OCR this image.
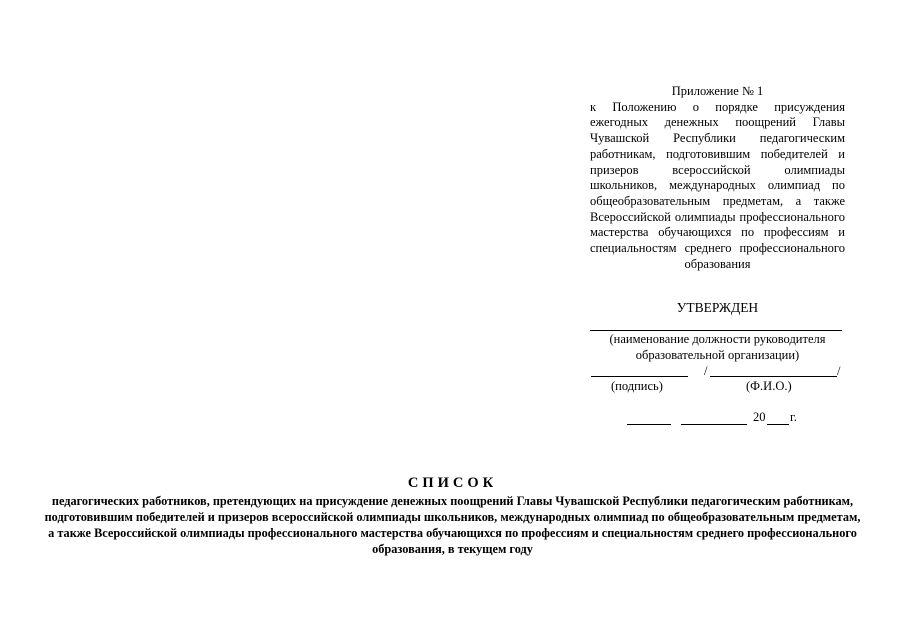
Приложение № 1
к Положению о порядке присуждения ежегодных денежных поощрений Главы Чувашской Республики педагогическим работникам, подготовившим победителей и призеров всероссийской олимпиады школьников, международных олимпиад по общеобразовательным предметам, а также Всероссийской олимпиады профессионального мастерства обучающихся по профессиям и специальностям среднего профессионального образования
УТВЕРЖДЕН
(наименование должности руководителя
образовательной организации)
/	/
(подпись)	(Ф.И.О.)
20 г.
СПИСОК
педагогических работников, претендующих на присуждение денежных поощрений Главы Чувашской Республики педагогическим работникам, подготовившим победителей и призеров всероссийской олимпиады школьников, международных олимпиад по общеобразовательным предметам, а также Всероссийской олимпиады профессионального мастерства обучающихся по профессиям и специальностям среднего профессионального образования, в текущем году
